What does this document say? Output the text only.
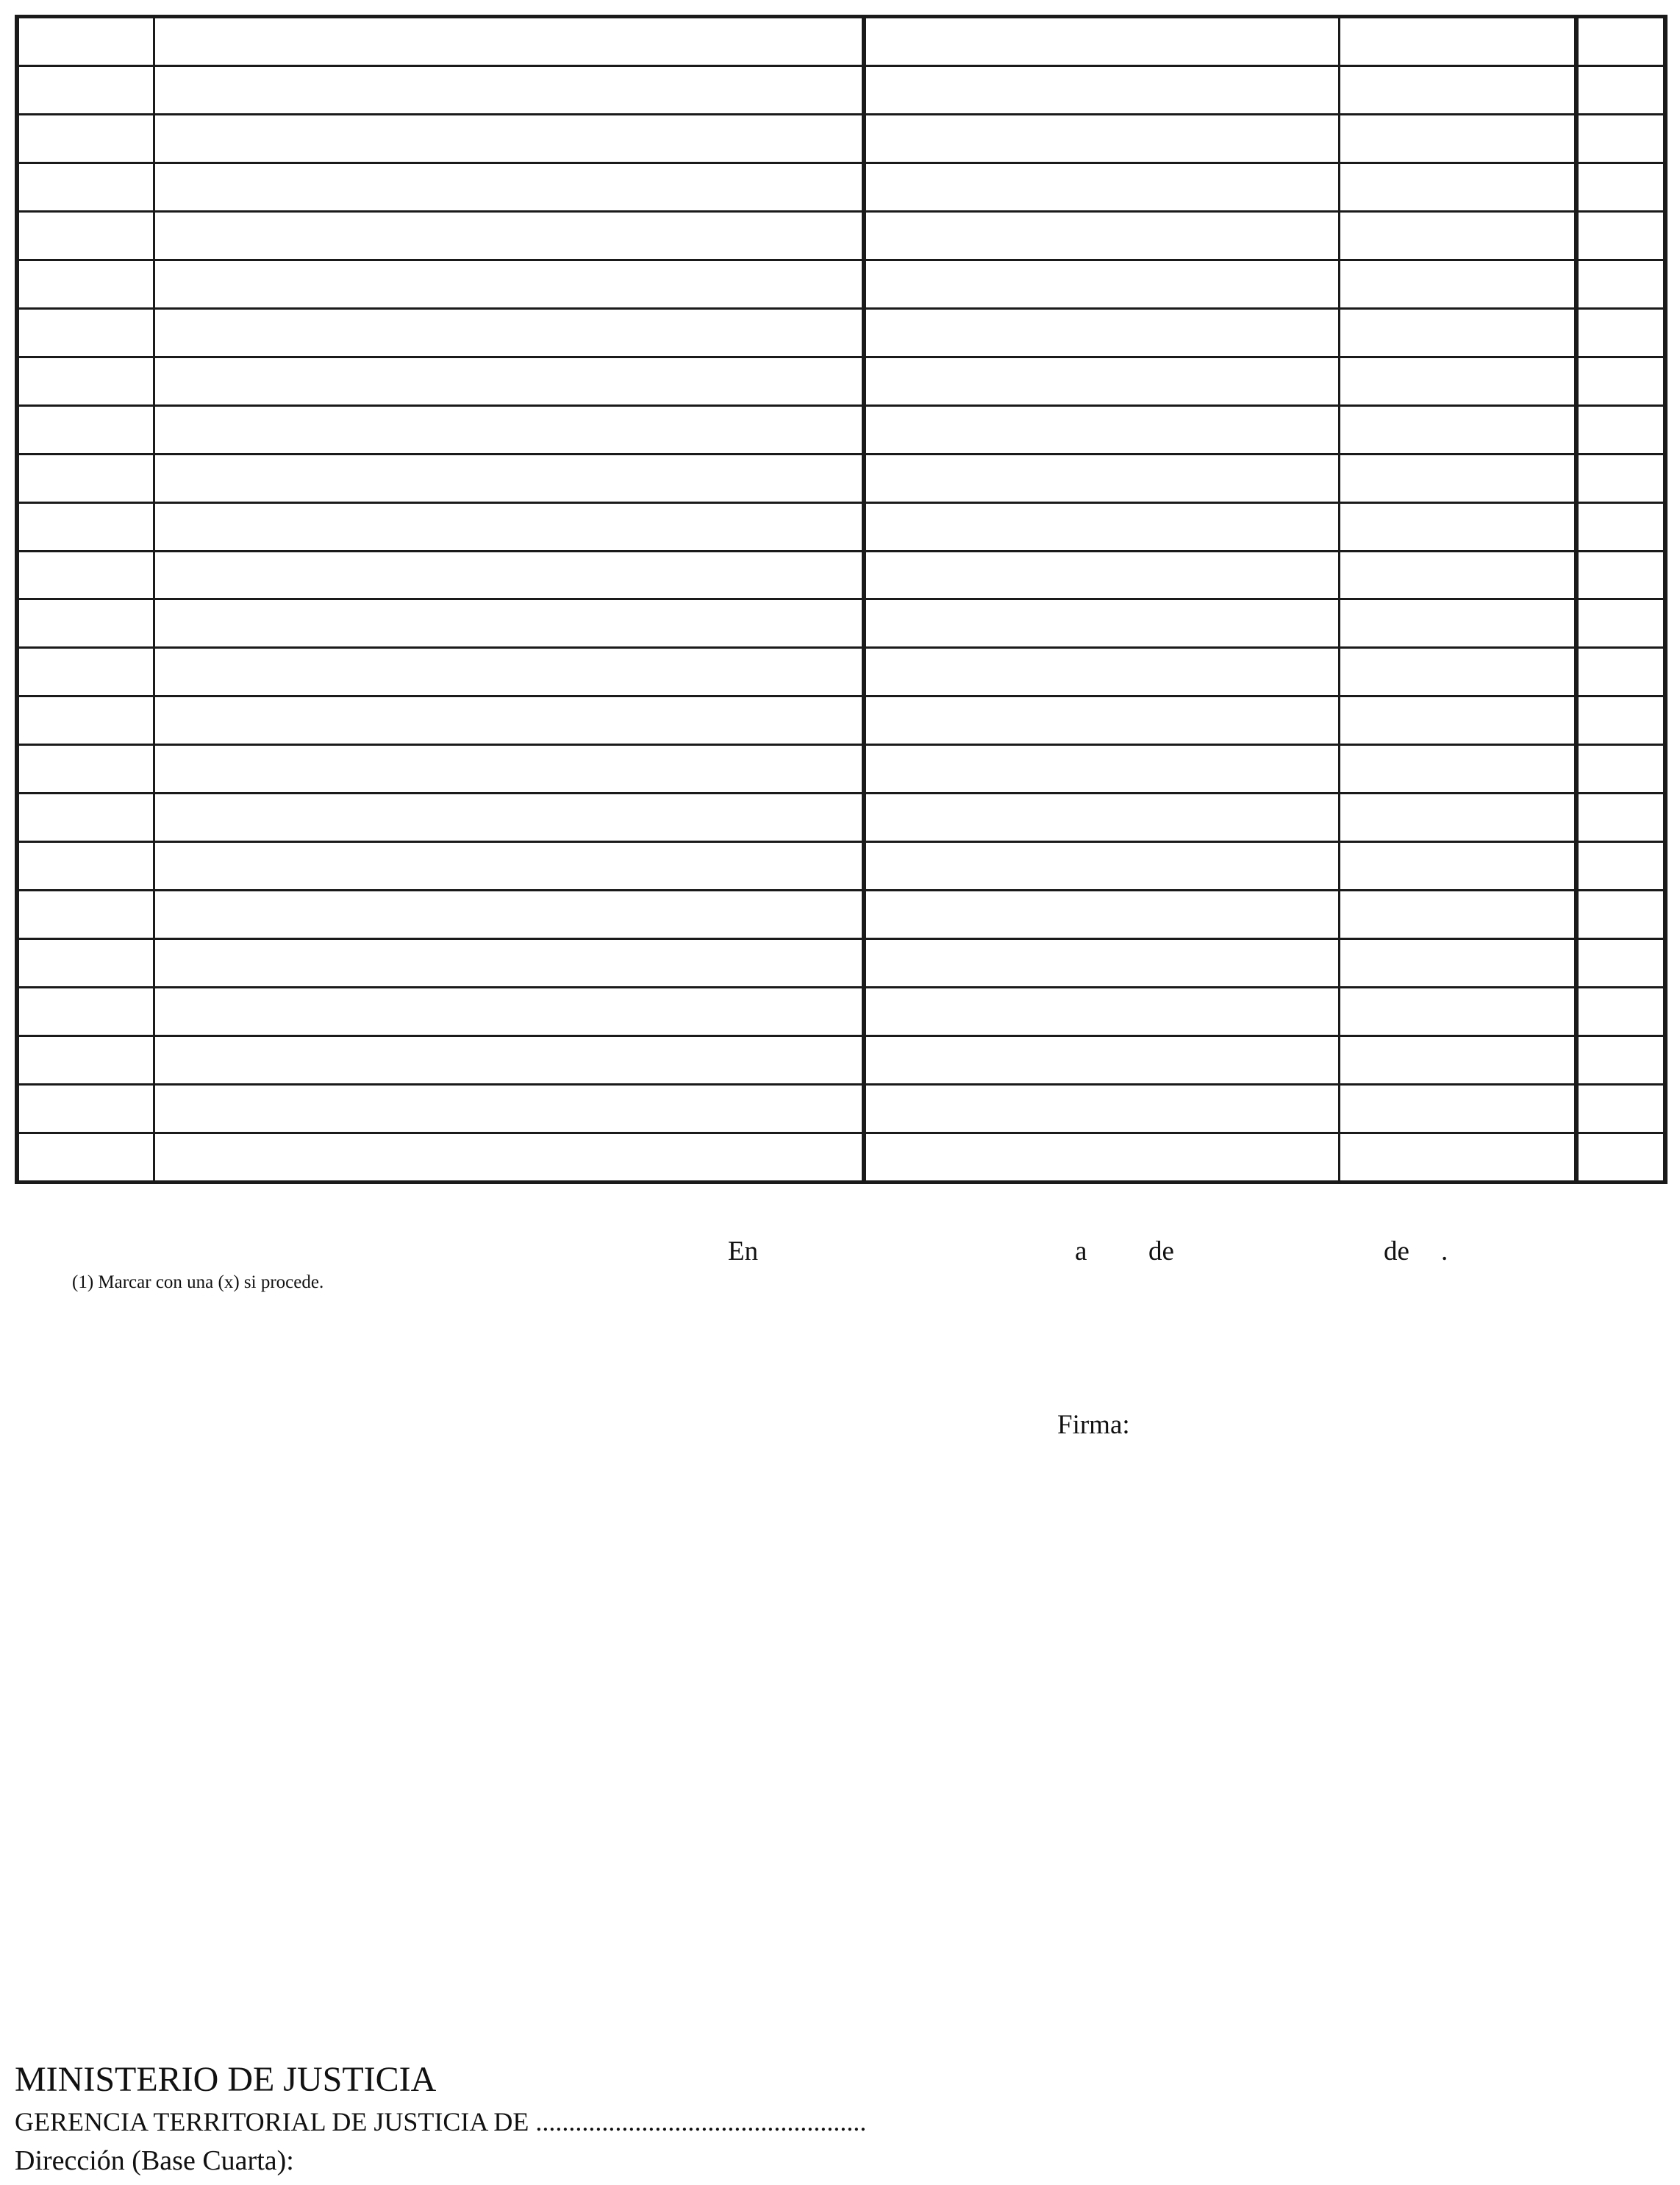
En	a de	de .
(1) Marcar con una (x) si procede.
Firma:
MINISTERIO DE JUSTICIA
GERENCIA TERRITORIAL DE JUSTICIA DE ..................................................
Dirección (Base Cuarta):
